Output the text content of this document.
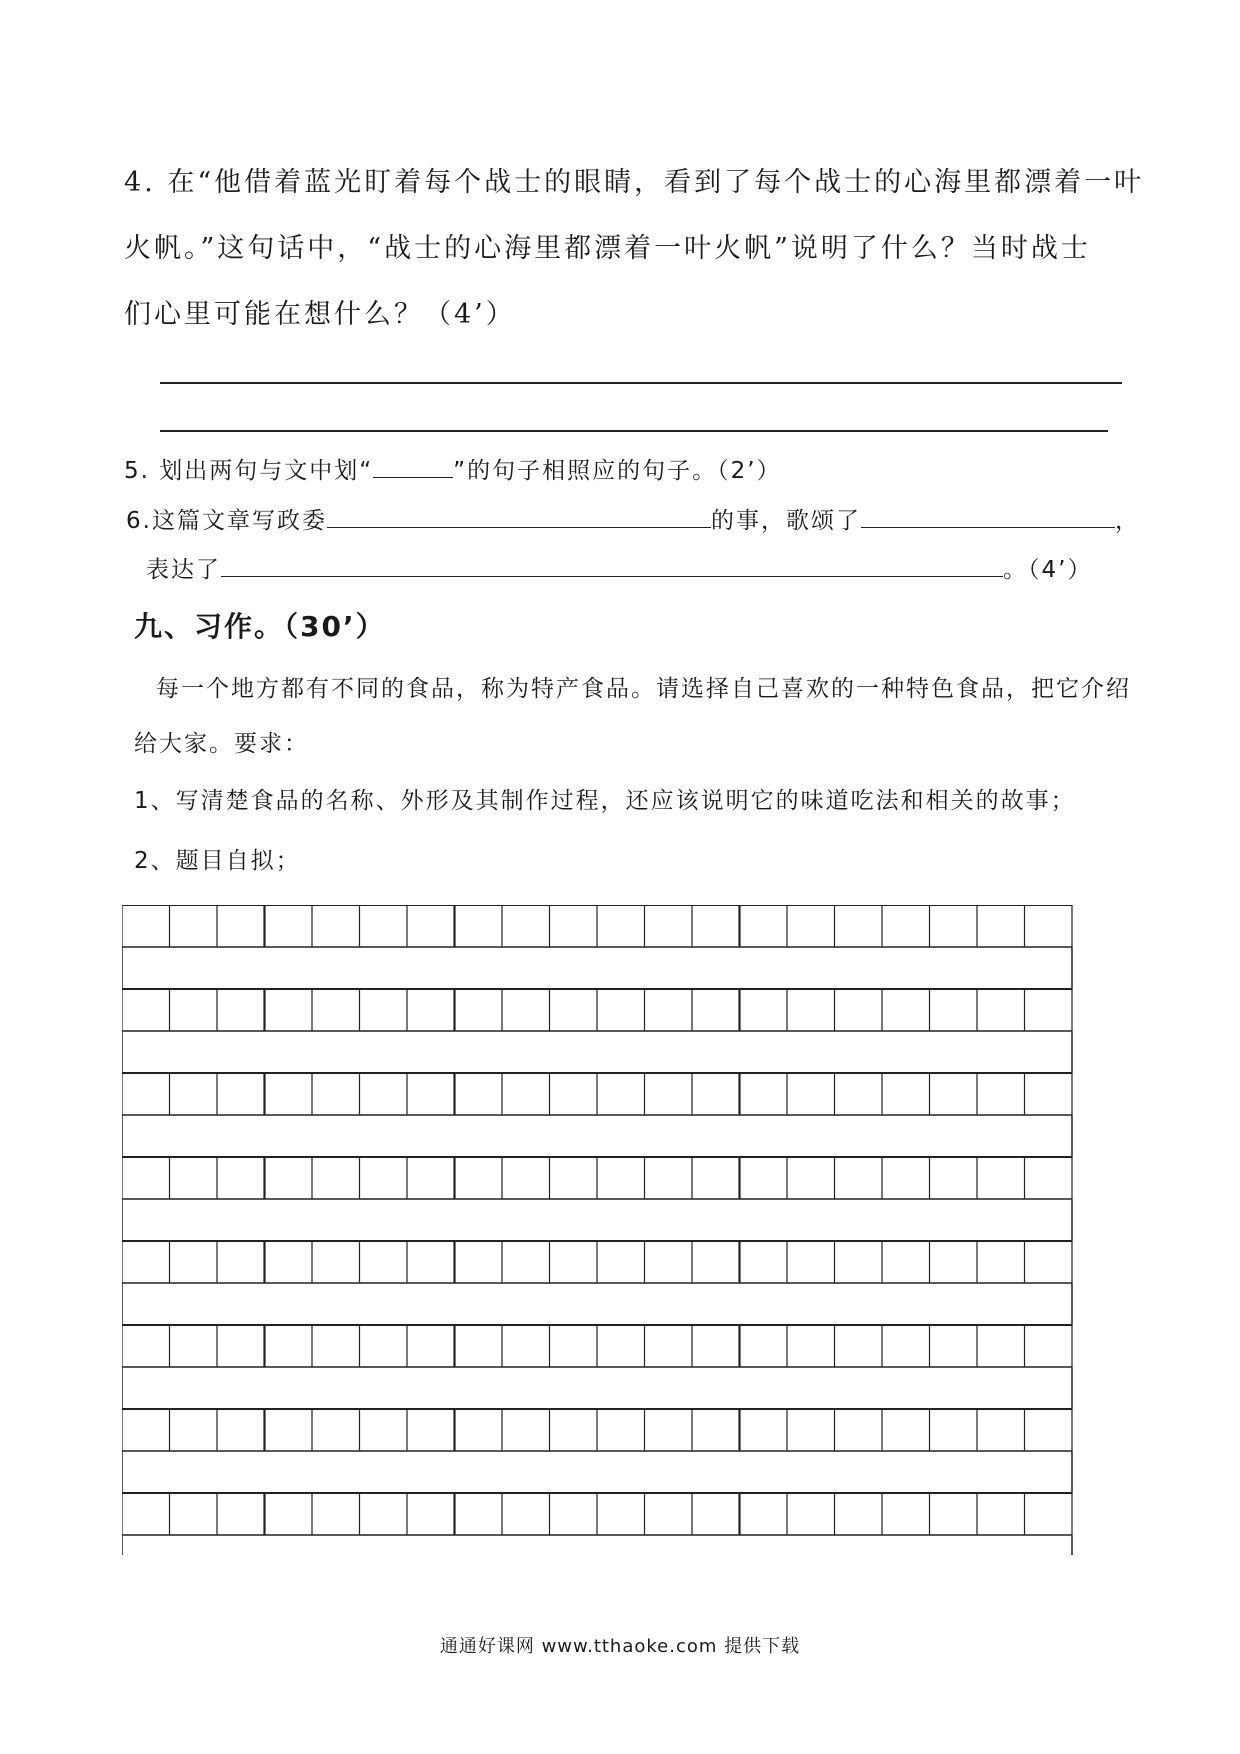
4. 在“他借着蓝光盯着每个战士的眼睛，看到了每个战士的心海里都漂着一叶
火帆。”这句话中，“战士的心海里都漂着一叶火帆”说明了什么？当时战士
们心里可能在想什么？（4’）
5. 划出两句与文中划“	”的句子相照应的句子。（2’）
6.这篇文章写政委	的事，歌颂了	，
表达了	。（4’）
九、习作。（30’）
每一个地方都有不同的食品，称为特产食品。请选择自己喜欢的一种特色食品，把它介绍
给大家。要求：
1、写清楚食品的名称、外形及其制作过程，还应该说明它的味道吃法和相关的故事；
2、题目自拟；
通通好课网 www.tthaoke.com 提供下载
